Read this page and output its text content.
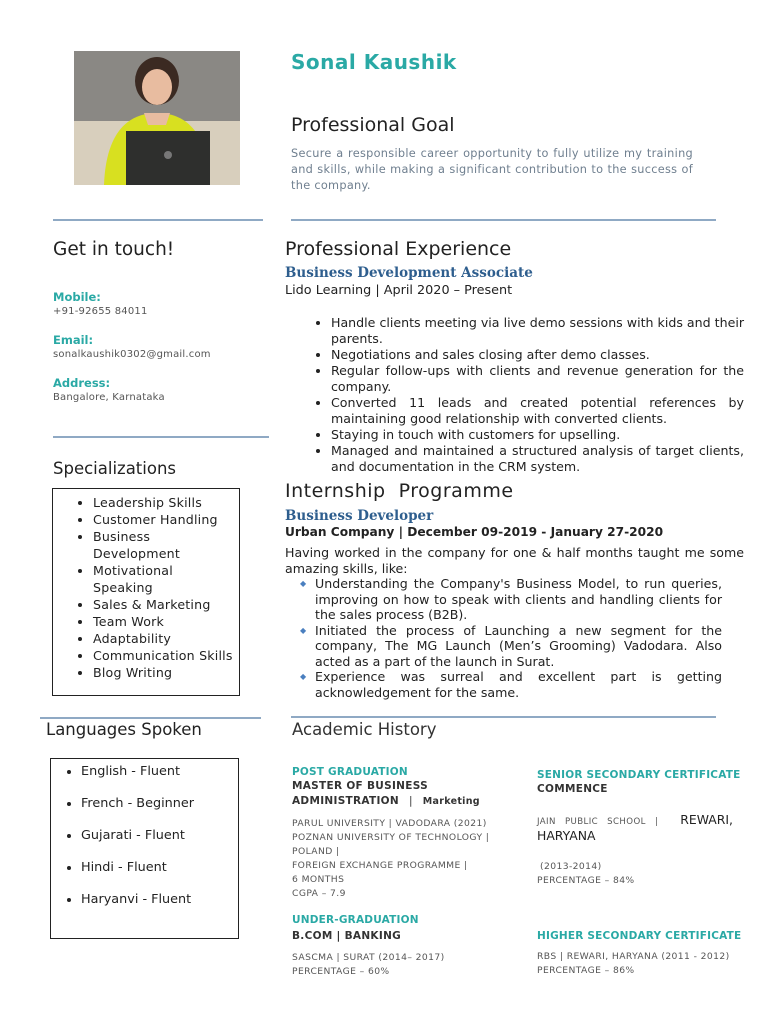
Sonal Kaushik
Professional Goal
Secure a responsible career opportunity to fully utilize my training and skills, while making a significant contribution to the success of the company.
Get in touch!
Mobile:
+91-92655 84011
Email:
sonalkaushik0302@gmail.com
Address:
Bangalore, Karnataka
Specializations
• Leadership Skills
• Customer Handling
• Business Development
• Motivational Speaking
• Sales & Marketing
• Team Work
• Adaptability
• Communication Skills
• Blog Writing
Languages Spoken
• English - Fluent
• French - Beginner
• Gujarati - Fluent
• Hindi - Fluent
• Haryanvi - Fluent
Professional Experience
Business Development Associate
Lido Learning | April 2020 – Present
• Handle clients meeting via live demo sessions with kids and their parents.
• Negotiations and sales closing after demo classes.
• Regular follow-ups with clients and revenue generation for the company.
• Converted 11 leads and created potential references by maintaining good relationship with converted clients.
• Staying in touch with customers for upselling.
• Managed and maintained a structured analysis of target clients, and documentation in the CRM system.
Internship  Programme
Business Developer
Urban Company | December 09-2019 - January 27-2020
Having worked in the company for one & half months taught me some amazing skills, like:
◆ Understanding the Company's Business Model, to run queries, improving on how to speak with clients and handling clients for the sales process (B2B).
◆ Initiated the process of Launching a new segment for the company, The MG Launch (Men’s Grooming) Vadodara. Also acted as a part of the launch in Surat.
◆ Experience was surreal and excellent part is getting acknowledgement for the same.
Academic History
POST GRADUATION
MASTER OF BUSINESS
ADMINISTRATION | Marketing
PARUL UNIVERSITY | VADODARA (2021)
POZNAN UNIVERSITY OF TECHNOLOGY |
POLAND |
FOREIGN EXCHANGE PROGRAMME |
6 MONTHS
CGPA – 7.9
UNDER-GRADUATION
B.COM | BANKING
SASCMA | SURAT (2014– 2017)
PERCENTAGE – 60%
SENIOR SECONDARY CERTIFICATE
COMMENCE
JAIN PUBLIC SCHOOL | REWARI,
HARYANA
(2013-2014)
PERCENTAGE – 84%
HIGHER SECONDARY CERTIFICATE
RBS | REWARI, HARYANA (2011 - 2012)
PERCENTAGE – 86%
